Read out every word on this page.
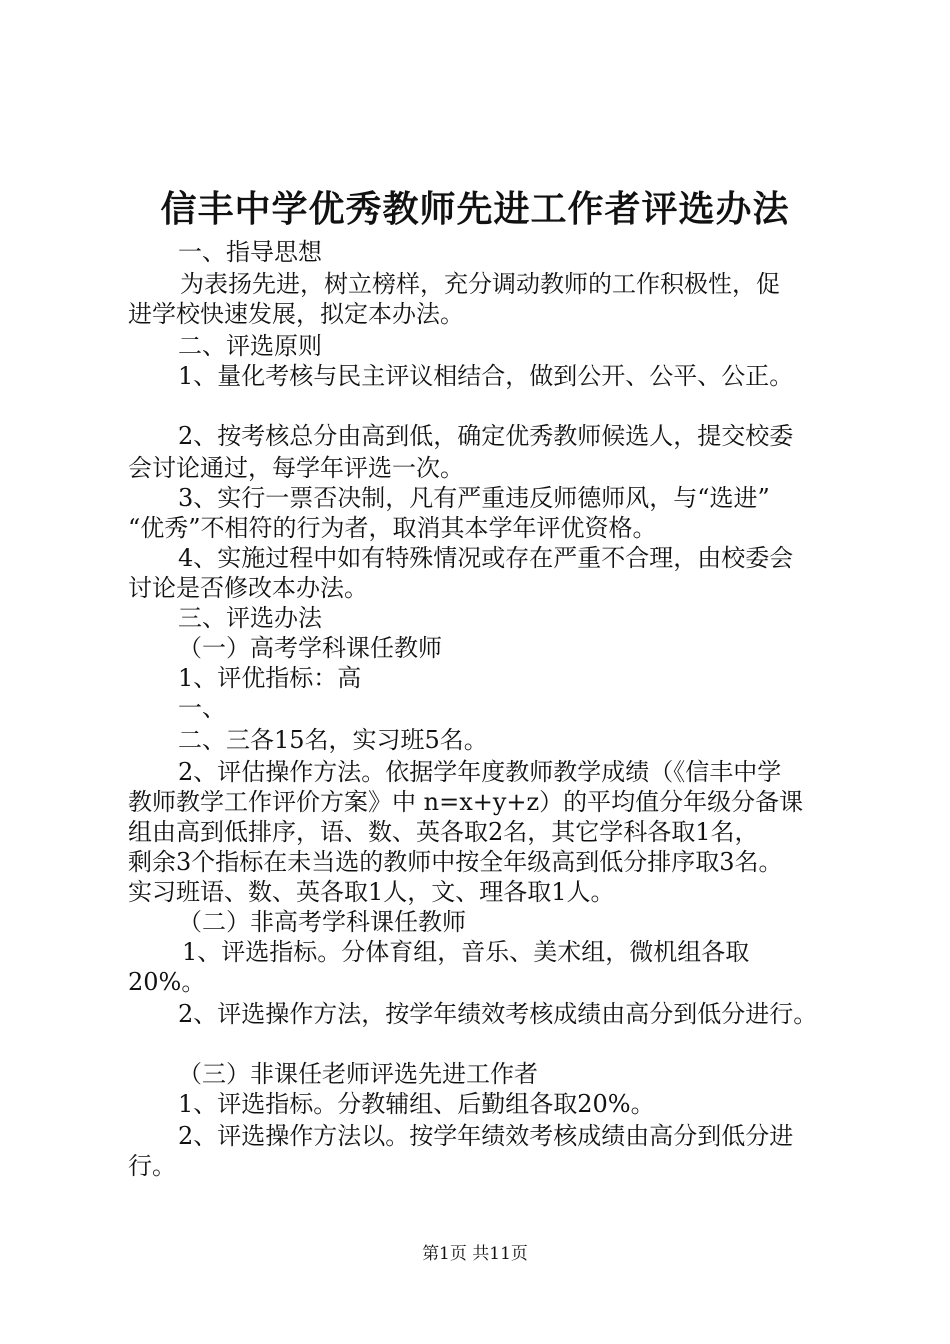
信丰中学优秀教师先进工作者评选办法
一、指导思想
为表扬先进，树立榜样，充分调动教师的工作积极性，促
进学校快速发展，拟定本办法。
二、评选原则
1、量化考核与民主评议相结合，做到公开、公平、公正。
2、按考核总分由高到低，确定优秀教师候选人，提交校委
会讨论通过，每学年评选一次。
3、实行一票否决制，凡有严重违反师德师风，与“选进”
“优秀”不相符的行为者，取消其本学年评优资格。
4、实施过程中如有特殊情况或存在严重不合理，由校委会
讨论是否修改本办法。
三、评选办法
（一）高考学科课任教师
1、评优指标：高
一、
二、三各15名，实习班5名。
2、评估操作方法。依据学年度教师教学成绩（《信丰中学
教师教学工作评价方案》中 n=x+y+z）的平均值分年级分备课
组由高到低排序，语、数、英各取2名，其它学科各取1名，
剩余3个指标在未当选的教师中按全年级高到低分排序取3名。
实习班语、数、英各取1人，文、理各取1人。
（二）非高考学科课任教师
1、评选指标。分体育组，音乐、美术组，微机组各取
20%。
2、评选操作方法，按学年绩效考核成绩由高分到低分进行。
（三）非课任老师评选先进工作者
1、评选指标。分教辅组、后勤组各取20%。
2、评选操作方法以。按学年绩效考核成绩由高分到低分进
行。
第1页 共11页
